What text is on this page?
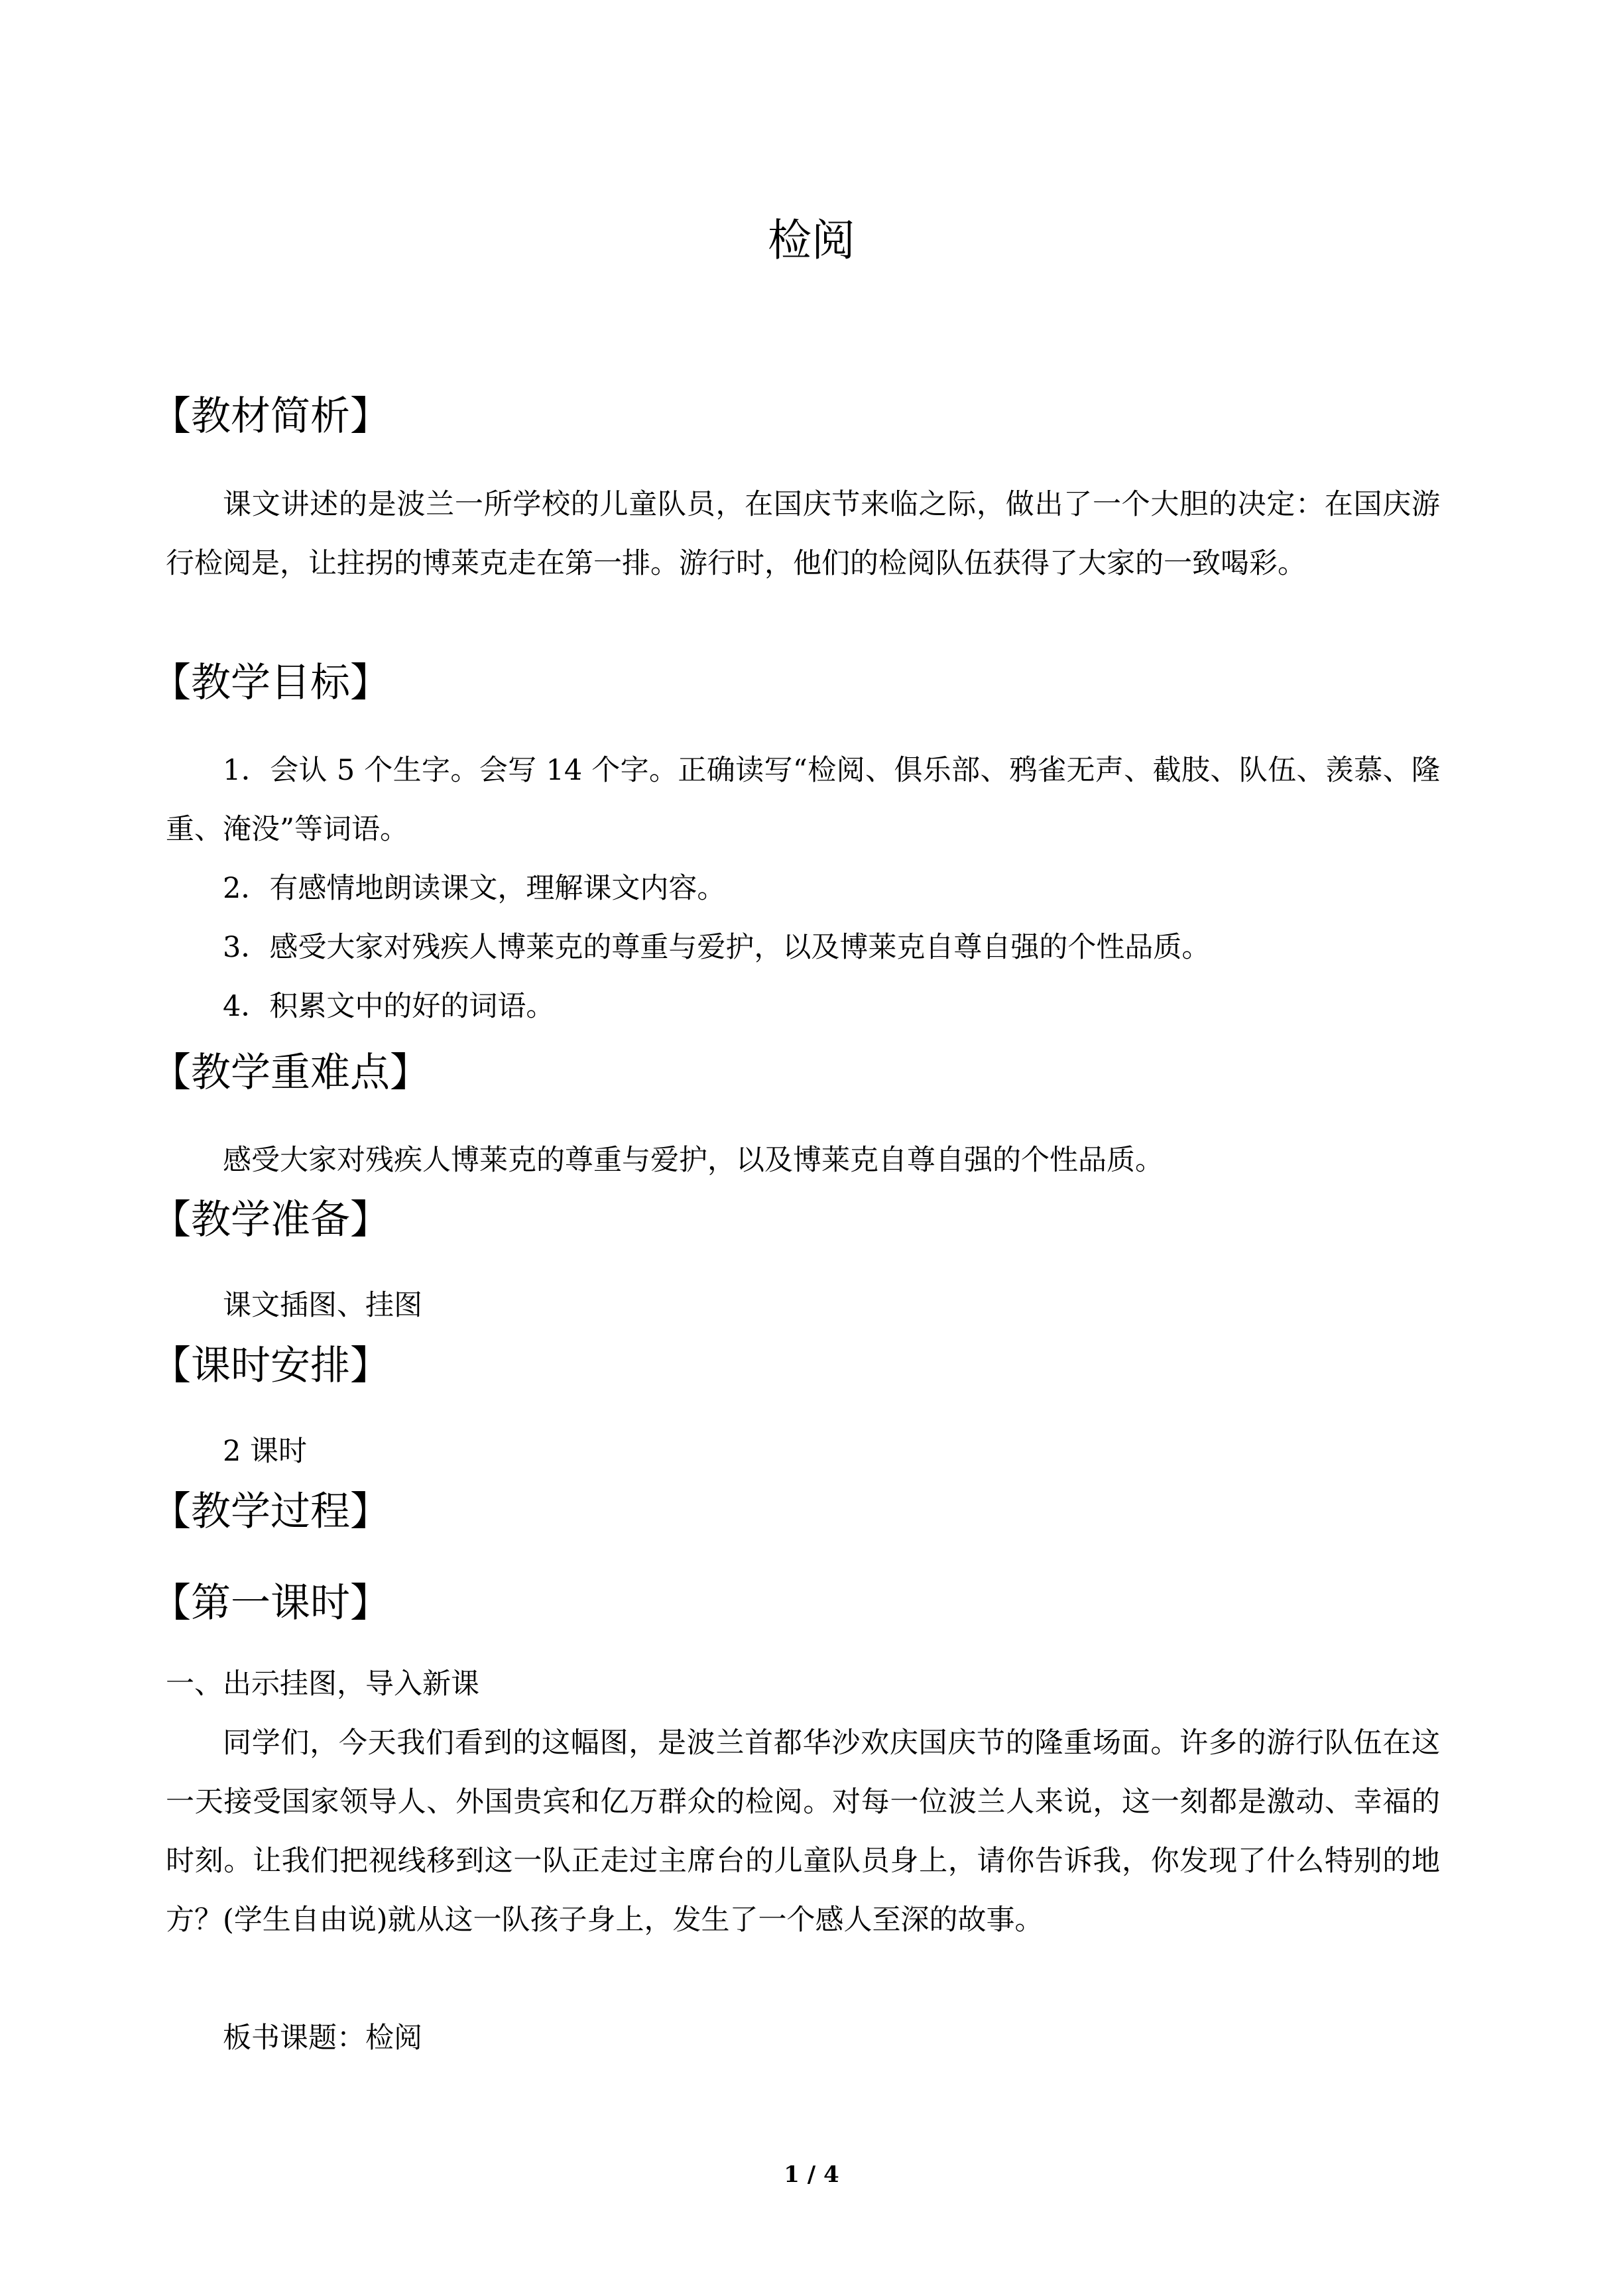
检阅
【教材简析】

课文讲述的是波兰一所学校的儿童队员，在国庆节来临之际，做出了一个大胆的决定：在国庆游行检阅是，让拄拐的博莱克走在第一排。游行时，他们的检阅队伍获得了大家的一致喝彩。

【教学目标】

1．会认 5 个生字。会写 14 个字。正确读写“检阅、俱乐部、鸦雀无声、截肢、队伍、羡慕、隆重、淹没”等词语。

2．有感情地朗读课文，理解课文内容。
3．感受大家对残疾人博莱克的尊重与爱护，以及博莱克自尊自强的个性品质。
4．积累文中的好的词语。
【教学重难点】
感受大家对残疾人博莱克的尊重与爱护，以及博莱克自尊自强的个性品质。
【教学准备】
课文插图、挂图
【课时安排】
2 课时
【教学过程】
【第一课时】
一、出示挂图，导入新课

同学们，今天我们看到的这幅图，是波兰首都华沙欢庆国庆节的隆重场面。许多的游行队伍在这一天接受国家领导人、外国贵宾和亿万群众的检阅。对每一位波兰人来说，这一刻都是激动、幸福的时刻。让我们把视线移到这一队正走过主席台的儿童队员身上，请你告诉我，你发现了什么特别的地方？(学生自由说)就从这一队孩子身上，发生了一个感人至深的故事。

板书课题：检阅
1 / 4
